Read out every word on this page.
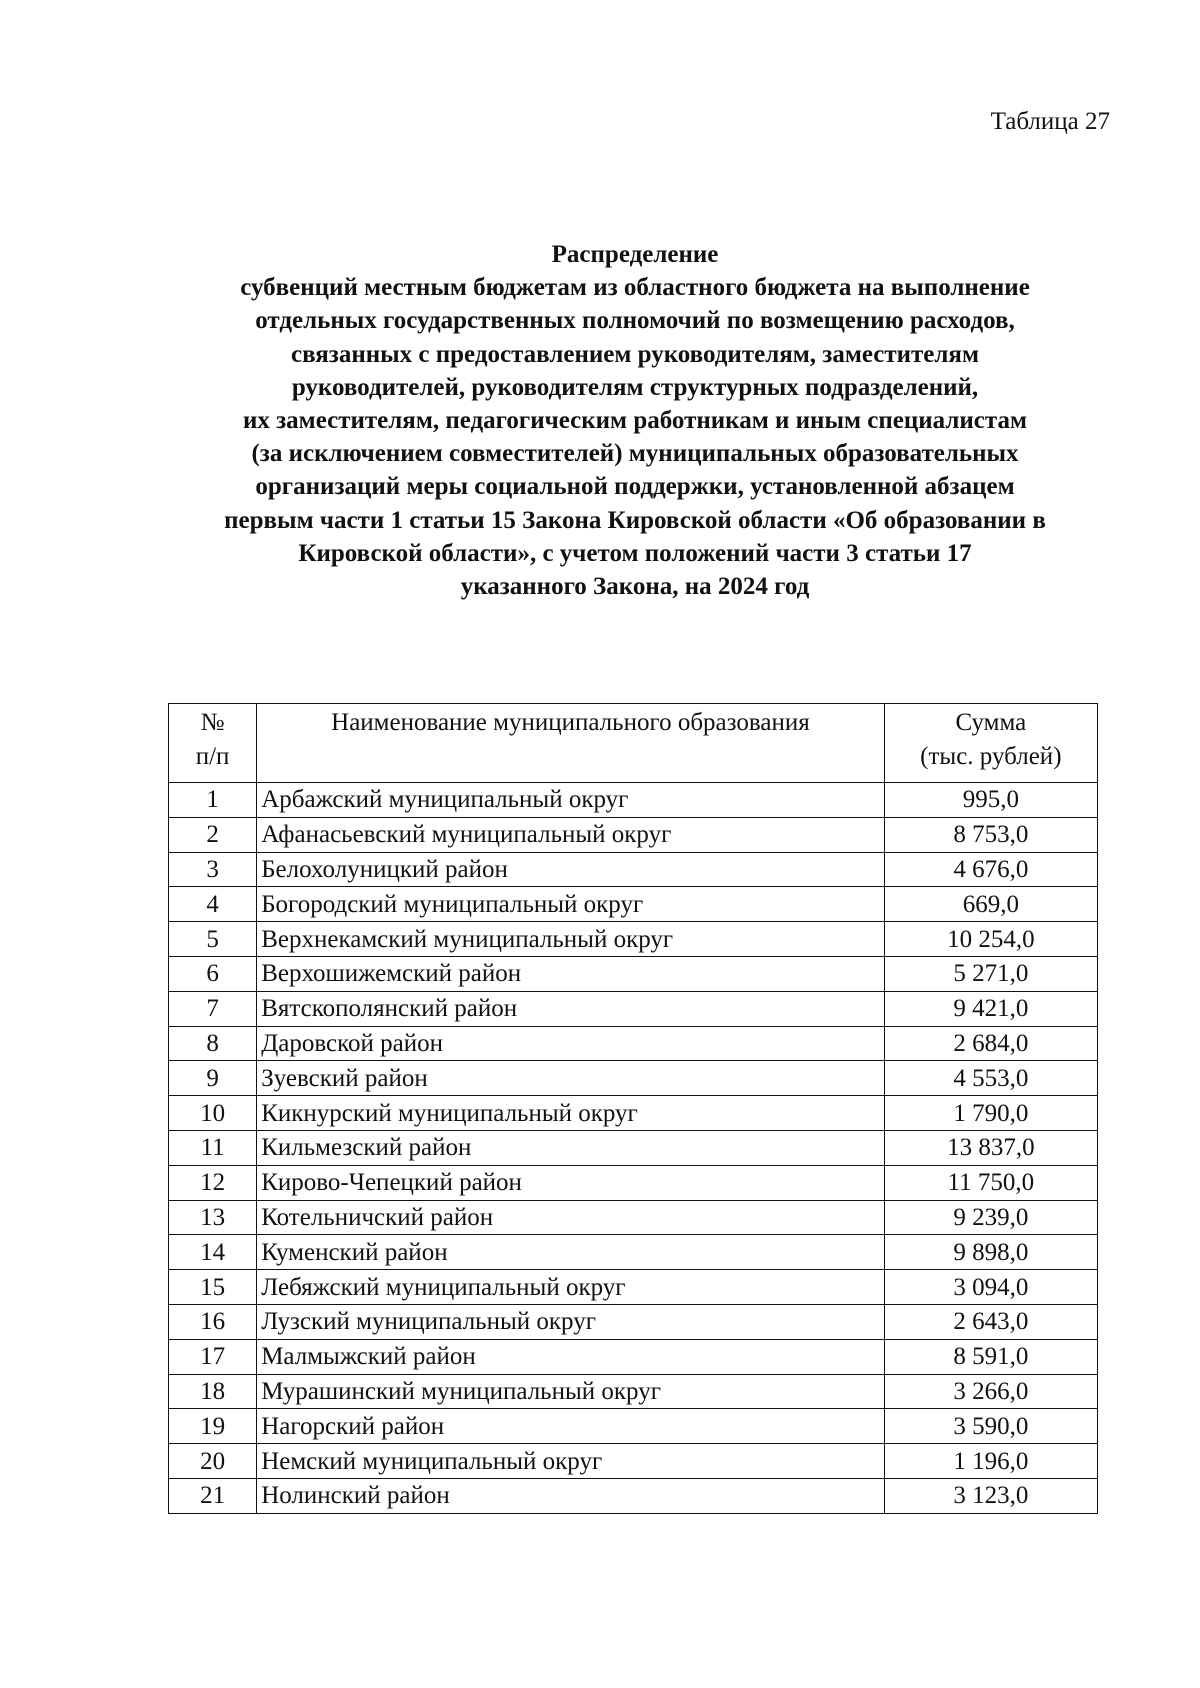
Таблица 27
Распределение
субвенций местным бюджетам из областного бюджета на выполнение
отдельных государственных полномочий по возмещению расходов,
связанных с предоставлением руководителям, заместителям
руководителей, руководителям структурных подразделений,
их заместителям, педагогическим работникам и иным специалистам
(за исключением совместителей) муниципальных образовательных
организаций меры социальной поддержки, установленной абзацем
первым части 1 статьи 15 Закона Кировской области «Об образовании в
Кировской области», с учетом положений части 3 статьи 17
указанного Закона, на 2024 год
№
п/п	Наименование муниципального образования	Сумма
(тыс. рублей)

1	Арбажский муниципальный округ	995,0
2	Афанасьевский муниципальный округ	8 753,0
3	Белохолуницкий район	4 676,0
4	Богородский муниципальный округ	669,0
5	Верхнекамский муниципальный округ	10 254,0
6	Верхошижемский район	5 271,0
7	Вятскополянский район	9 421,0
8	Даровской район	2 684,0
9	Зуевский район	4 553,0
10	Кикнурский муниципальный округ	1 790,0
11	Кильмезский район	13 837,0
12	Кирово-Чепецкий район	11 750,0
13	Котельничский район	9 239,0
14	Куменский район	9 898,0
15	Лебяжский муниципальный округ	3 094,0
16	Лузский муниципальный округ	2 643,0
17	Малмыжский район	8 591,0
18	Мурашинский муниципальный округ	3 266,0
19	Нагорский район	3 590,0
20	Немский муниципальный округ	1 196,0
21	Нолинский район	3 123,0
